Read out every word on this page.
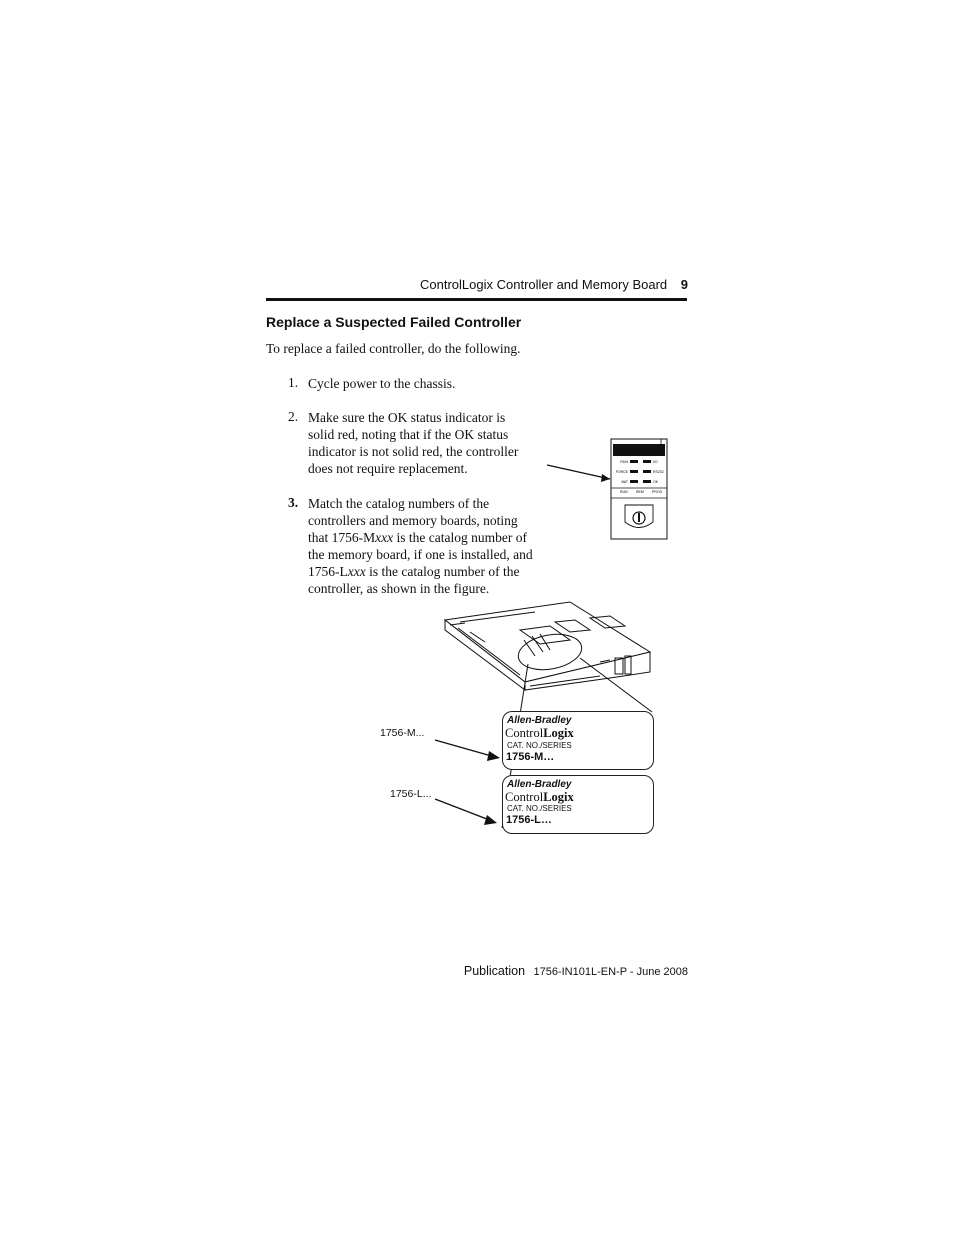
ControlLogix Controller and Memory Board 9
Replace a Suspected Failed Controller
To replace a failed controller, do the following.
1. Cycle power to the chassis.
2. Make sure the OK status indicator is
solid red, noting that if the OK status
indicator is not solid red, the controller
does not require replacement.
3. Match the catalog numbers of the
controllers and memory boards, noting
that 1756-Mxxx is the catalog number of
the memory board, if one is installed, and
1756-Lxxx is the catalog number of the
controller, as shown in the figure.
RUN	I/O
FORCE	RS232
BAT	OK
RUN REM PROG
Allen-Bradley
ControlLogix
CAT. NO./SERIES
1756-M…
Allen-Bradley
ControlLogix
CAT. NO./SERIES
1756-L…
1756-M...
1756-L...
Publication 1756-IN101L-EN-P - June 2008
